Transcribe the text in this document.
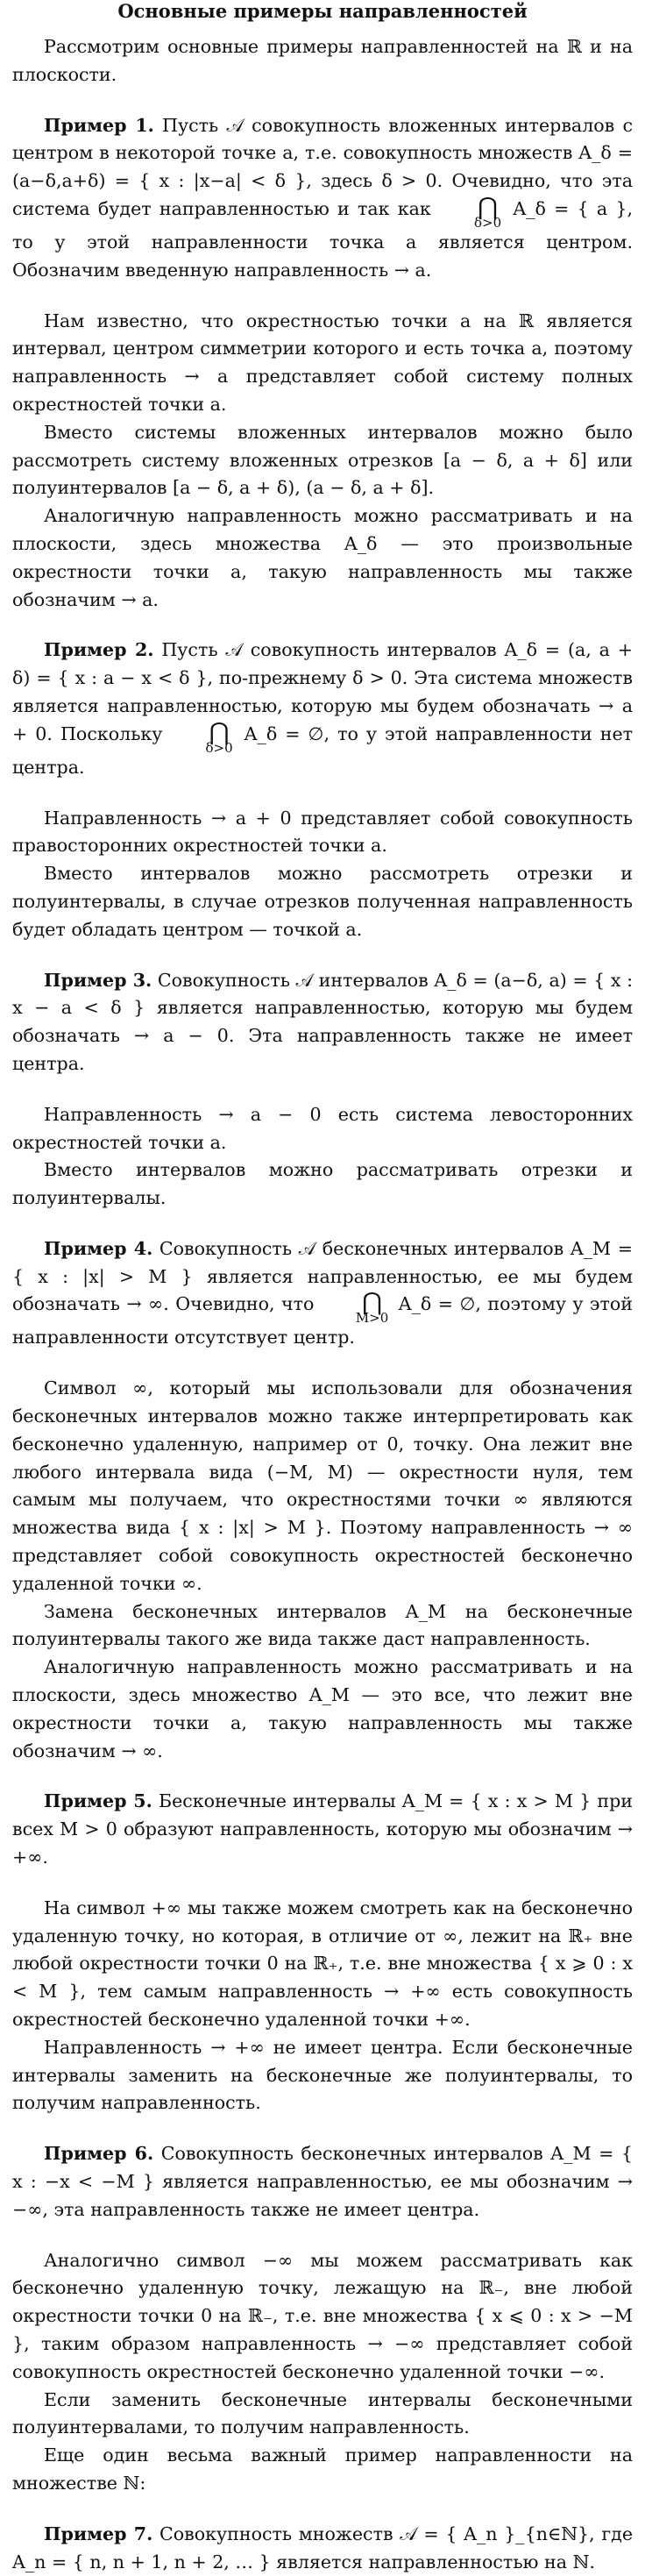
Основные примеры направленностей

Рассмотрим основные примеры направленностей на ℝ и на плоскости.

Пример 1. Пусть 𝒜 совокупность вложенных интервалов с центром в некоторой точке a, т.е. совокупность множеств A_δ = (a−δ,a+δ) = { x : |x−a| < δ }, здесь δ > 0. Очевидно, что эта система будет направленностью и так как	⋂
δ>0
A_δ = { a }, то у этой направленности точка a является центром. Обозначим введенную направленность → a.

Нам известно, что окрестностью точки a на ℝ является интервал, центром симметрии которого и есть точка a, поэтому направленность → a представляет собой систему полных окрестностей точки a.

Вместо системы вложенных интервалов можно было рассмотреть систему вложенных отрезков [a − δ, a + δ] или полуинтервалов [a − δ, a + δ), (a − δ, a + δ].

Аналогичную направленность можно рассматривать и на плоскости, здесь множества A_δ — это произвольные окрестности точки a, такую направленность мы также обозначим → a.

Пример 2. Пусть 𝒜 совокупность интервалов A_δ = (a, a + δ) = { x : a − x < δ }, по-прежнему δ > 0. Эта система множеств является направленностью, которую мы будем обозначать → a + 0. Поскольку	⋂
δ>0
A_δ = ∅, то у этой направленности нет центра.

Направленность → a + 0 представляет собой совокупность правосторонних окрестностей точки a.

Вместо интервалов можно рассмотреть отрезки и полуинтервалы, в случае отрезков полученная направленность будет обладать центром — точкой a.

Пример 3. Совокупность 𝒜 интервалов A_δ = (a−δ, a) = { x : x − a < δ } является направленностью, которую мы будем обозначать → a − 0. Эта направленность также не имеет центра.

Направленность → a − 0 есть система левосторонних окрестностей точки a.

Вместо интервалов можно рассматривать отрезки и полуинтервалы.

Пример 4. Совокупность 𝒜 бесконечных интервалов A_M = { x : |x| > M } является направленностью, ее мы будем обозначать → ∞. Очевидно, что	⋂
M>0
A_δ = ∅, поэтому у этой направленности отсутствует центр.

Символ ∞, который мы использовали для обозначения бесконечных интервалов можно также интерпретировать как бесконечно удаленную, например от 0, точку. Она лежит вне любого интервала вида (−M, M) — окрестности нуля, тем самым мы получаем, что окрестностями точки ∞ являются множества вида { x : |x| > M }. Поэтому направленность → ∞ представляет собой совокупность окрестностей бесконечно удаленной точки ∞.

Замена бесконечных интервалов A_M на бесконечные полуинтервалы такого же вида также даст направленность.

Аналогичную направленность можно рассматривать и на плоскости, здесь множество A_M — это все, что лежит вне окрестности точки a, такую направленность мы также обозначим → ∞.

Пример 5. Бесконечные интервалы A_M = { x : x > M } при всех M > 0 образуют направленность, которую мы обозначим → +∞.

На символ +∞ мы также можем смотреть как на бесконечно удаленную точку, но которая, в отличие от ∞, лежит на ℝ₊ вне любой окрестности точки 0 на ℝ₊, т.е. вне множества { x ⩾ 0 : x < M }, тем самым направленность → +∞ есть совокупность окрестностей бесконечно удаленной точки +∞.

Направленность → +∞ не имеет центра. Если бесконечные интервалы заменить на бесконечные же полуинтервалы, то получим направленность.

Пример 6. Совокупность бесконечных интервалов A_M = { x : −x < −M } является направленностью, ее мы обозначим → −∞, эта направленность также не имеет центра.

Аналогично символ −∞ мы можем рассматривать как бесконечно удаленную точку, лежащую на ℝ₋, вне любой окрестности точки 0 на ℝ₋, т.е. вне множества { x ⩽ 0 : x > −M }, таким образом направленность → −∞ представляет собой совокупность окрестностей бесконечно удаленной точки −∞.

Если заменить бесконечные интервалы бесконечными полуинтервалами, то получим направленность.

Еще один весьма важный пример направленности на множестве ℕ:

Пример 7. Совокупность множеств 𝒜 = { A_n }_{n∈ℕ}, где A_n = { n, n + 1, n + 2, … } является направленностью на ℕ.
